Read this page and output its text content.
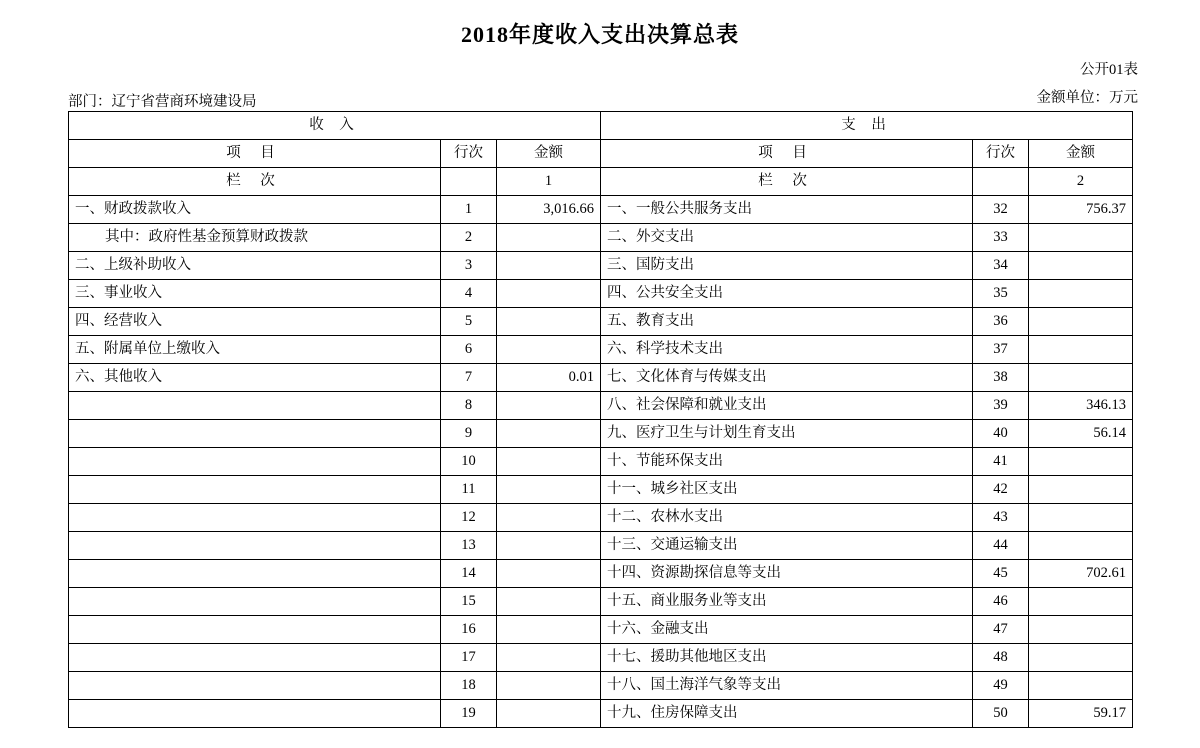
2018年度收入支出决算总表
公开01表
金额单位：万元
部门：辽宁省营商环境建设局
收 入			支 出		
项 目	行次	金额	项 目	行次	金额
栏 次		1	栏 次		2
一、财政拨款收入	1	3,016.66	一、一般公共服务支出	32	756.37
其中：政府性基金预算财政拨款	2		二、外交支出	33	
二、上级补助收入	3		三、国防支出	34	
三、事业收入	4		四、公共安全支出	35	
四、经营收入	5		五、教育支出	36	
五、附属单位上缴收入	6		六、科学技术支出	37	
六、其他收入	7	0.01	七、文化体育与传媒支出	38	
	8		八、社会保障和就业支出	39	346.13
	9		九、医疗卫生与计划生育支出	40	56.14
	10		十、节能环保支出	41	
	11		十一、城乡社区支出	42	
	12		十二、农林水支出	43	
	13		十三、交通运输支出	44	
	14		十四、资源勘探信息等支出	45	702.61
	15		十五、商业服务业等支出	46	
	16		十六、金融支出	47	
	17		十七、援助其他地区支出	48	
	18		十八、国土海洋气象等支出	49	
	19		十九、住房保障支出	50	59.17
